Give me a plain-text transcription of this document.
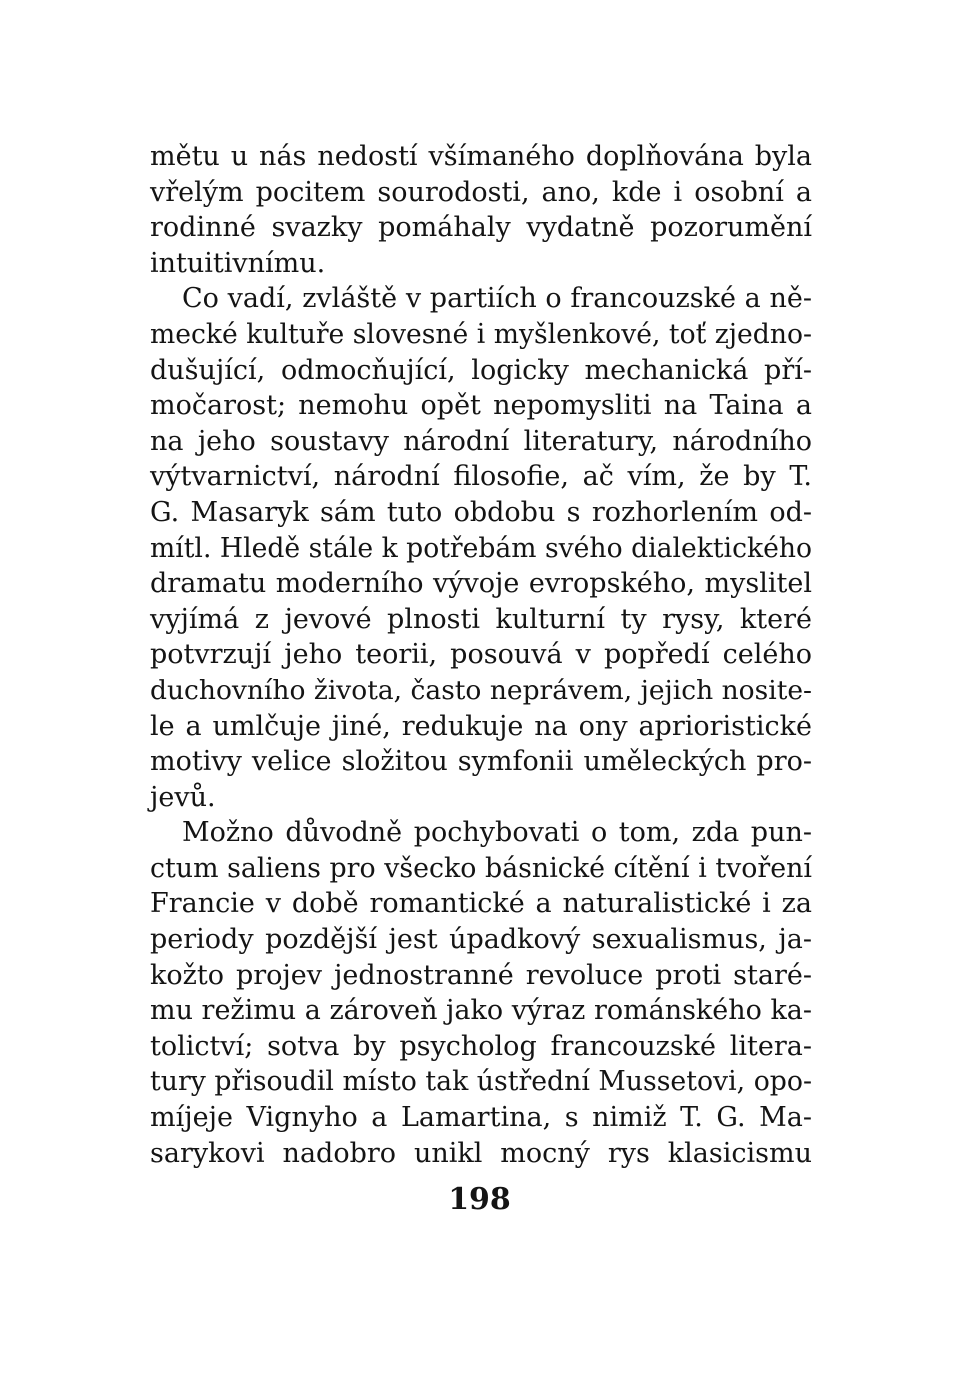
mětu u nás nedostí všímaného doplňována byla
vřelým pocitem sourodosti, ano, kde i osobní a
rodinné svazky pomáhaly vydatně pozorumění
intuitivnímu.
Co vadí, zvláště v partiích o francouzské a ně-
mecké kultuře slovesné i myšlenkové, toť zjedno-
dušující, odmocňující, logicky mechanická pří-
močarost; nemohu opět nepomysliti na Taina a
na jeho soustavy národní literatury, národního
výtvarnictví, národní filosofie, ač vím, že by T.
G. Masaryk sám tuto obdobu s rozhorlením od-
mítl. Hledě stále k potřebám svého dialektického
dramatu moderního vývoje evropského, myslitel
vyjímá z jevové plnosti kulturní ty rysy, které
potvrzují jeho teorii, posouvá v popředí celého
duchovního života, často neprávem, jejich nosite-
le a umlčuje jiné, redukuje na ony aprioristické
motivy velice složitou symfonii uměleckých pro-
jevů.
Možno důvodně pochybovati o tom, zda pun-
ctum saliens pro všecko básnické cítění i tvoření
Francie v době romantické a naturalistické i za
periody pozdější jest úpadkový sexualismus, ja-
kožto projev jednostranné revoluce proti staré-
mu režimu a zároveň jako výraz románského ka-
tolictví; sotva by psycholog francouzské litera-
tury přisoudil místo tak ústřední Mussetovi, opo-
míjeje Vignyho a Lamartina, s nimiž T. G. Ma-
sarykovi nadobro unikl mocný rys klasicismu
198
